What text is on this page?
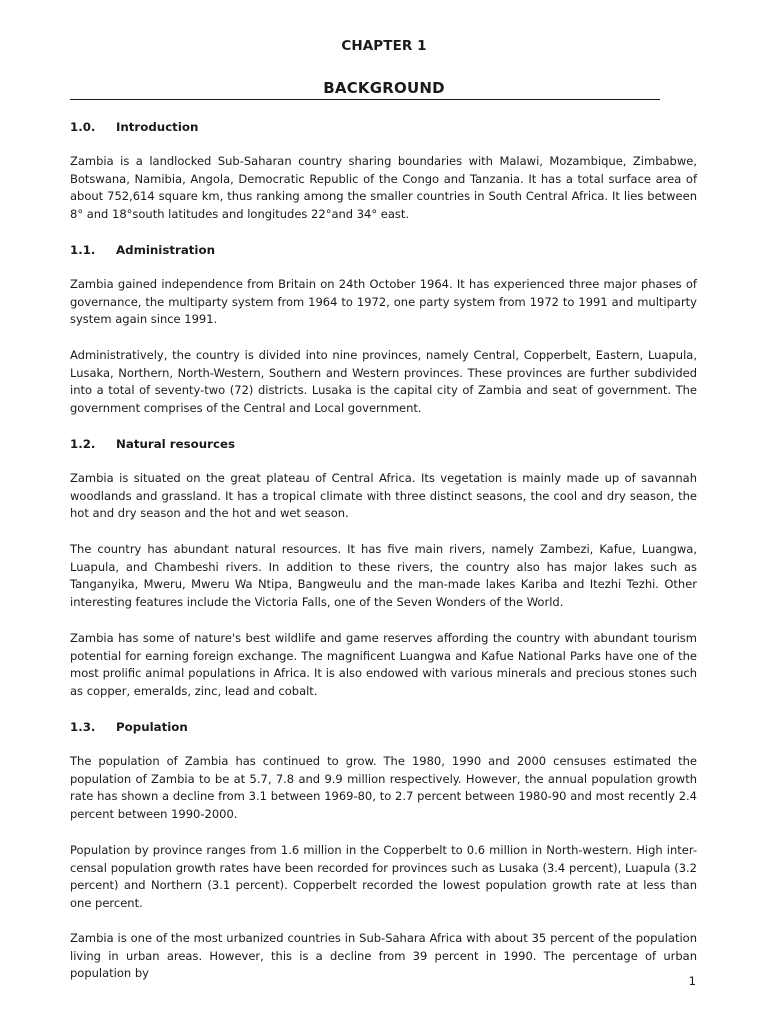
CHAPTER 1
BACKGROUND
1.0. Introduction

Zambia is a landlocked Sub-Saharan country sharing boundaries with Malawi, Mozambique, Zimbabwe, Botswana, Namibia, Angola, Democratic Republic of the Congo and Tanzania. It has a total surface area of about 752,614 square km, thus ranking among the smaller countries in South Central Africa. It lies between 8° and 18°south latitudes and longitudes 22°and 34° east.

1.1. Administration

Zambia gained independence from Britain on 24th October 1964. It has experienced three major phases of governance, the multiparty system from 1964 to 1972, one party system from 1972 to 1991 and multiparty system again since 1991.

Administratively, the country is divided into nine provinces, namely Central, Copperbelt, Eastern, Luapula, Lusaka, Northern, North-Western, Southern and Western provinces. These provinces are further subdivided into a total of seventy-two (72) districts. Lusaka is the capital city of Zambia and seat of government. The government comprises of the Central and Local government.

1.2. Natural resources

Zambia is situated on the great plateau of Central Africa. Its vegetation is mainly made up of savannah woodlands and grassland. It has a tropical climate with three distinct seasons, the cool and dry season, the hot and dry season and the hot and wet season.

The country has abundant natural resources. It has five main rivers, namely Zambezi, Kafue, Luangwa, Luapula, and Chambeshi rivers. In addition to these rivers, the country also has major lakes such as Tanganyika, Mweru, Mweru Wa Ntipa, Bangweulu and the man-made lakes Kariba and Itezhi Tezhi. Other interesting features include the Victoria Falls, one of the Seven Wonders of the World.

Zambia has some of nature's best wildlife and game reserves affording the country with abundant tourism potential for earning foreign exchange. The magnificent Luangwa and Kafue National Parks have one of the most prolific animal populations in Africa. It is also endowed with various minerals and precious stones such as copper, emeralds, zinc, lead and cobalt.

1.3. Population

The population of Zambia has continued to grow. The 1980, 1990 and 2000 censuses estimated the population of Zambia to be at 5.7, 7.8 and 9.9 million respectively. However, the annual population growth rate has shown a decline from 3.1 between 1969-80, to 2.7 percent between 1980-90 and most recently 2.4 percent between 1990-2000.

Population by province ranges from 1.6 million in the Copperbelt to 0.6 million in North-western. High inter-censal population growth rates have been recorded for provinces such as Lusaka (3.4 percent), Luapula (3.2 percent) and Northern (3.1 percent). Copperbelt recorded the lowest population growth rate at less than one percent.

Zambia is one of the most urbanized countries in Sub-Sahara Africa with about 35 percent of the population living in urban areas. However, this is a decline from 39 percent in 1990. The percentage of urban population by

1
